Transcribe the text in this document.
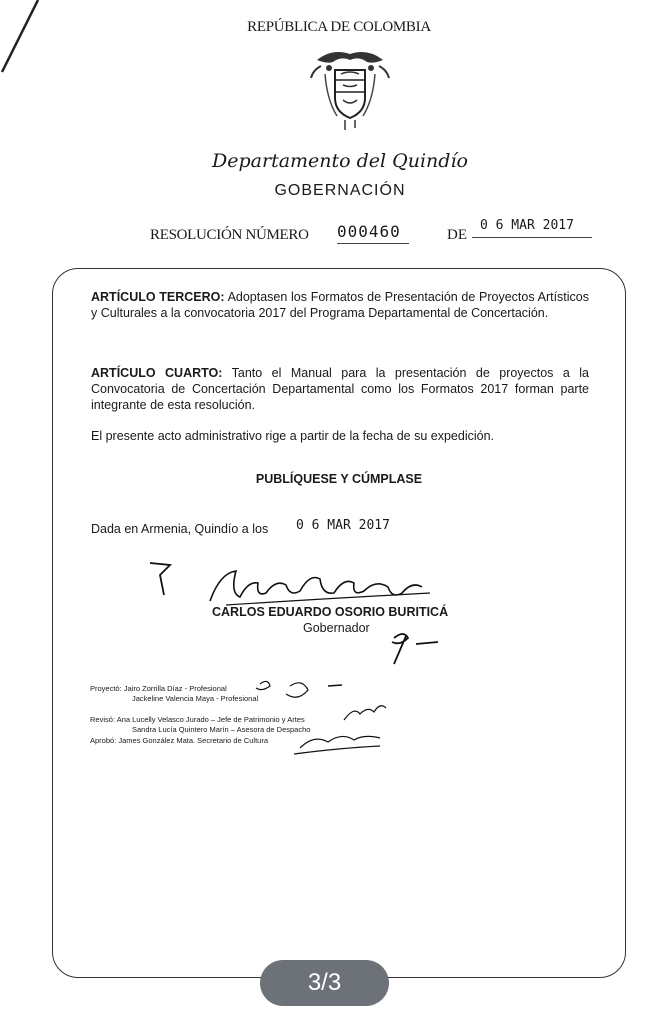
REPÚBLICA DE COLOMBIA
Departamento del Quindío
GOBERNACIÓN
RESOLUCIÓN NÚMERO 000460	DE
0 6 MAR 2017

ARTÍCULO TERCERO: Adoptasen los Formatos de Presentación de Proyectos Artísticos y Culturales a la convocatoria 2017 del Programa Departamental de Concertación.

ARTÍCULO CUARTO: Tanto el Manual para la presentación de proyectos a la Convocatoria de Concertación Departamental como los Formatos 2017 forman parte integrante de esta resolución.

El presente acto administrativo rige a partir de la fecha de su expedición.

PUBLÍQUESE Y CÚMPLASE
Dada en Armenia, Quindío a los 0 6 MAR 2017
CARLOS EDUARDO OSORIO BURITICÁ
Gobernador
Proyectó: Jairo Zorrilla Díaz - Profesional
Jackeline Valencia Maya - Profesional
Revisó: Ana Lucelly Velasco Jurado – Jefe de Patrimonio y Artes
Sandra Lucía Quintero Marín – Asesora de Despacho
Aprobó: James González Mata. Secretario de Cultura
3/3
